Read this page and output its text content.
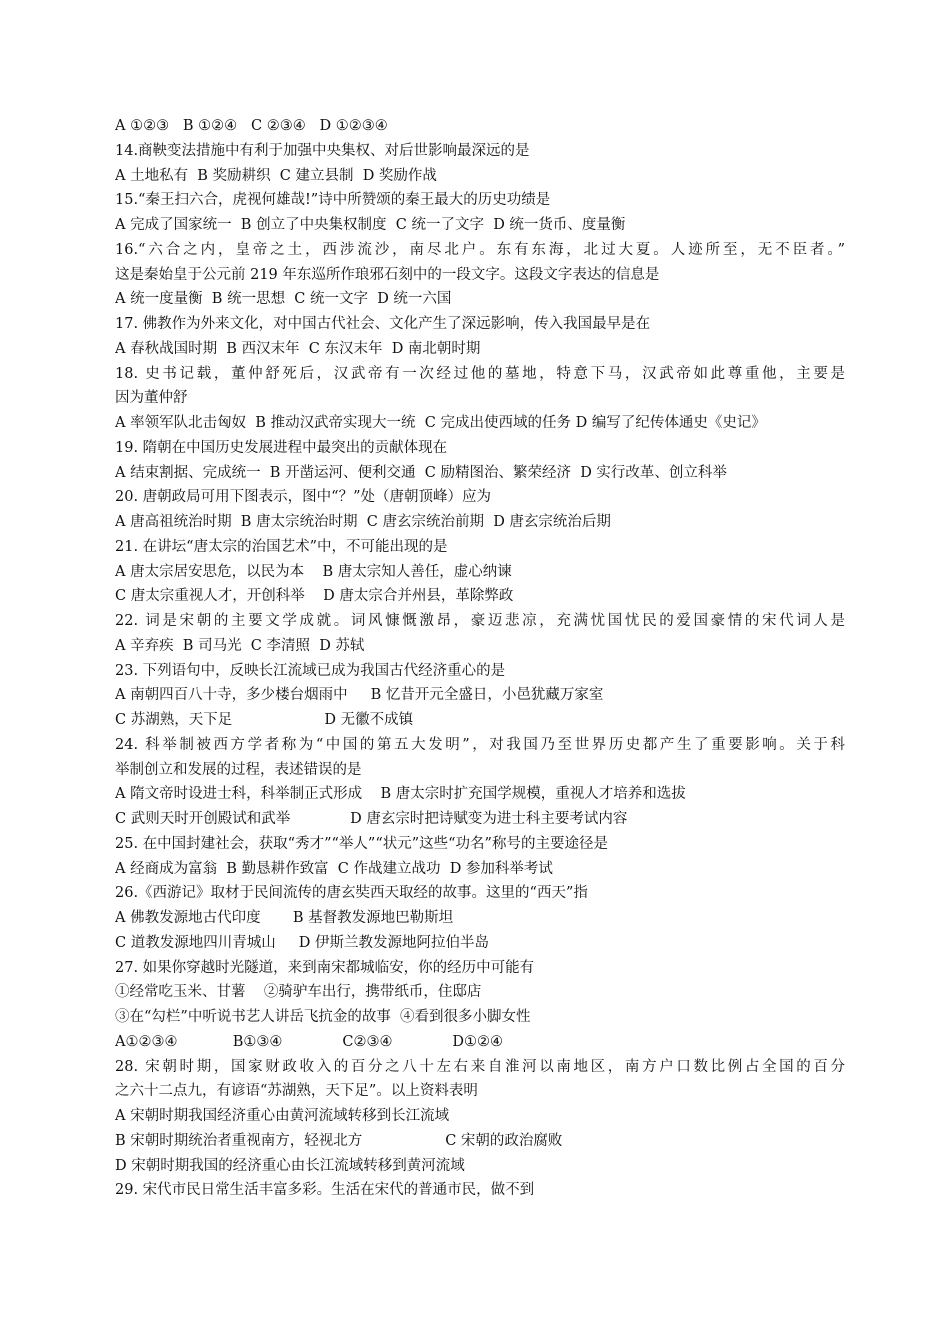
A ①②③   B ①②④   C ②③④   D ①②③④
14.商鞅变法措施中有利于加强中央集权、对后世影响最深远的是
A 土地私有  B 奖励耕织  C 建立县制  D 奖励作战
15.“秦王扫六合，虎视何雄哉!”诗中所赞颂的秦王最大的历史功绩是
A 完成了国家统一  B 创立了中央集权制度  C 统一了文字  D 统一货币、度量衡
16.“六合之内，皇帝之土，西涉流沙，南尽北户。东有东海，北过大夏。人迹所至，无不臣者。”
这是秦始皇于公元前 219 年东巡所作琅邪石刻中的一段文字。这段文字表达的信息是
A 统一度量衡  B 统一思想  C 统一文字  D 统一六国
17. 佛教作为外来文化，对中国古代社会、文化产生了深远影响，传入我国最早是在
A 春秋战国时期  B 西汉末年  C 东汉末年  D 南北朝时期
18. 史书记载，董仲舒死后，汉武帝有一次经过他的墓地，特意下马，汉武帝如此尊重他，主要是
因为董仲舒
A 率领军队北击匈奴  B 推动汉武帝实现大一统  C 完成出使西域的任务 D 编写了纪传体通史《史记》
19. 隋朝在中国历史发展进程中最突出的贡献体现在
A 结束割据、完成统一  B 开凿运河、便利交通  C 励精图治、繁荣经济  D 实行改革、创立科举
20. 唐朝政局可用下图表示，图中“？”处（唐朝顶峰）应为
A 唐高祖统治时期  B 唐太宗统治时期  C 唐玄宗统治前期  D 唐玄宗统治后期
21. 在讲坛“唐太宗的治国艺术”中，不可能出现的是
A 唐太宗居安思危，以民为本    B 唐太宗知人善任，虚心纳谏
C 唐太宗重视人才，开创科举    D 唐太宗合并州县，革除弊政
22. 词是宋朝的主要文学成就。词风慷慨激昂，豪迈悲凉，充满忧国忧民的爱国豪情的宋代词人是
A 辛弃疾  B 司马光  C 李清照  D 苏轼
23. 下列语句中，反映长江流域已成为我国古代经济重心的是
A 南朝四百八十寺，多少楼台烟雨中     B 忆昔开元全盛日，小邑犹藏万家室
C 苏湖熟，天下足                    D 无徽不成镇
24. 科举制被西方学者称为“中国的第五大发明”，对我国乃至世界历史都产生了重要影响。关于科
举制创立和发展的过程，表述错误的是
A 隋文帝时设进士科，科举制正式形成    B 唐太宗时扩充国学规模，重视人才培养和选拔
C 武则天时开创殿试和武举             D 唐玄宗时把诗赋变为进士科主要考试内容
25. 在中国封建社会，获取“秀才”“举人”“状元”这些“功名”称号的主要途径是
A 经商成为富翁  B 勤恳耕作致富  C 作战建立战功  D 参加科举考试
26.《西游记》取材于民间流传的唐玄奘西天取经的故事。这里的“西天”指
A 佛教发源地古代印度       B 基督教发源地巴勒斯坦
C 道教发源地四川青城山     D 伊斯兰教发源地阿拉伯半岛
27. 如果你穿越时光隧道，来到南宋都城临安，你的经历中可能有
①经常吃玉米、甘薯    ②骑驴车出行，携带纸币，住邸店
③在“勾栏”中听说书艺人讲岳飞抗金的故事  ④看到很多小脚女性
A①②③④            B①③④             C②③④             D①②④
28. 宋朝时期，国家财政收入的百分之八十左右来自淮河以南地区，南方户口数比例占全国的百分
之六十二点九，有谚语“苏湖熟，天下足”。以上资料表明
A 宋朝时期我国经济重心由黄河流域转移到长江流域
B 宋朝时期统治者重视南方，轻视北方                  C 宋朝的政治腐败
D 宋朝时期我国的经济重心由长江流域转移到黄河流域
29. 宋代市民日常生活丰富多彩。生活在宋代的普通市民，做不到
